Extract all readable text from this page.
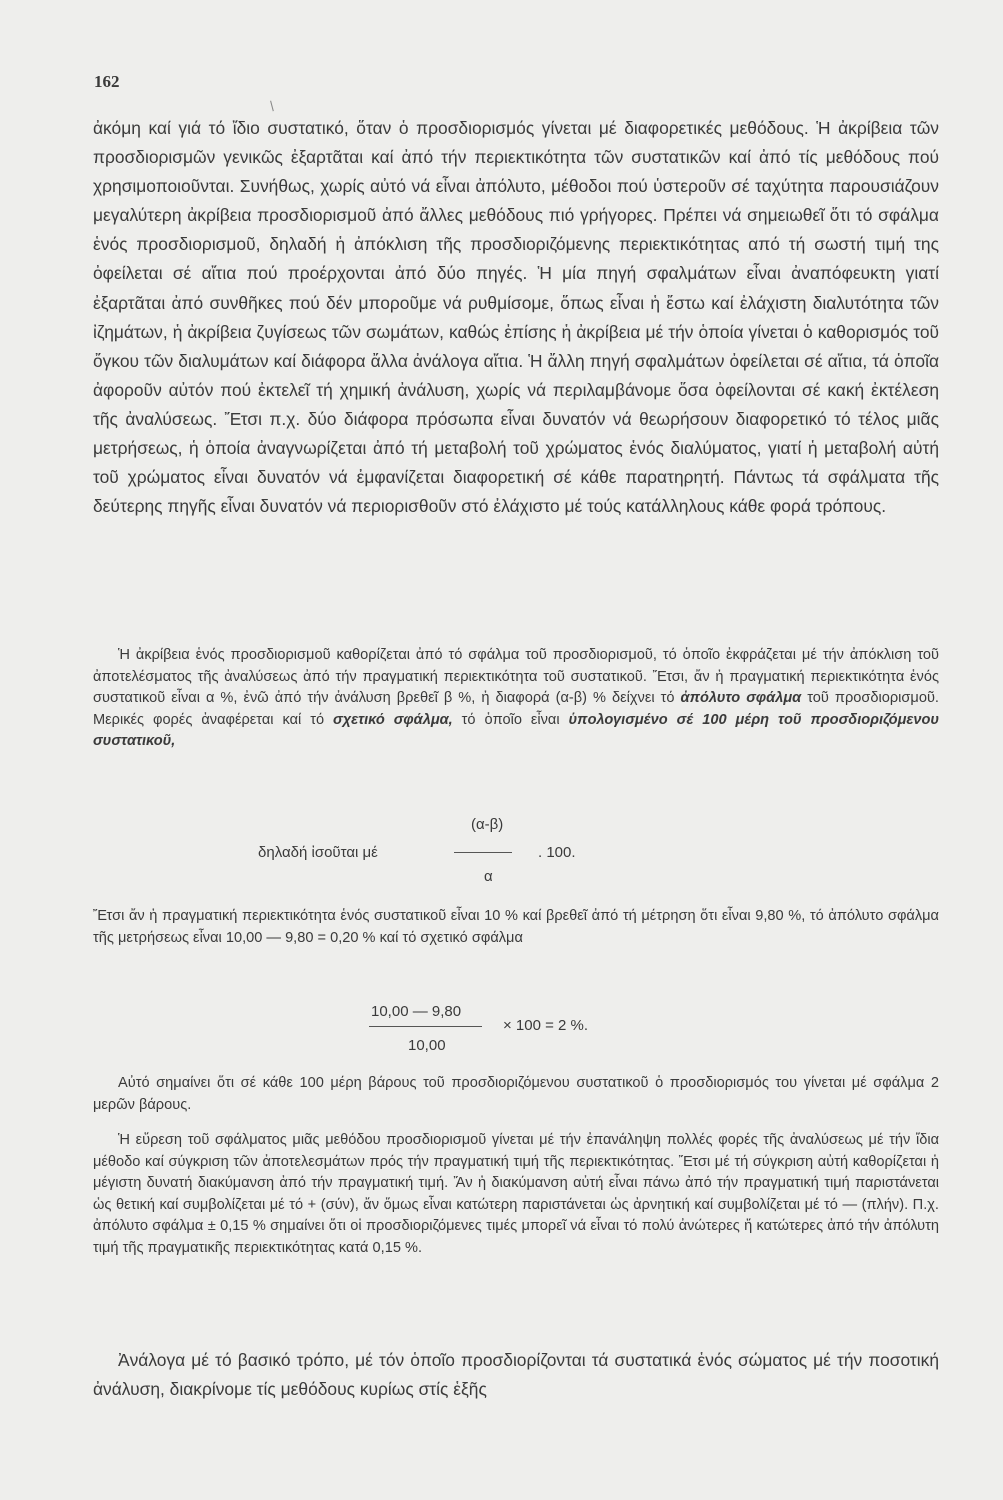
162
/

ἀκόμη καί γιά τό ἴδιο συστατικό, ὅταν ὁ προσδιορισμός γίνεται μέ διαφορετικές μεθόδους. Ἡ ἀκρίβεια τῶν προσδιορισμῶν γενικῶς ἐξαρτᾶται καί ἀπό τήν περιεκτικότητα τῶν συστατικῶν καί ἀπό τίς μεθόδους πού χρησιμοποιοῦνται. Συνήθως, χωρίς αὐτό νά εἶναι ἀπόλυτο, μέθοδοι πού ὑστεροῦν σέ ταχύτητα παρουσιάζουν μεγαλύτερη ἀκρίβεια προσδιορισμοῦ ἀπό ἄλλες μεθόδους πιό γρήγορες. Πρέπει νά σημειωθεῖ ὅτι τό σφάλμα ἑνός προσδιορισμοῦ, δηλαδή ἡ ἀπόκλιση τῆς προσδιοριζόμενης περιεκτικότητας από τή σωστή τιμή της ὀφείλεται σέ αἴτια πού προέρχονται ἀπό δύο πηγές. Ἡ μία πηγή σφαλμάτων εἶναι ἀναπόφευκτη γιατί ἐξαρτᾶται ἀπό συνθῆκες πού δέν μποροῦμε νά ρυθμίσομε, ὅπως εἶναι ἡ ἔστω καί ἐλάχιστη διαλυτότητα τῶν ἰζημάτων, ἡ ἀκρίβεια ζυγίσεως τῶν σωμάτων, καθώς ἐπίσης ἡ ἀκρίβεια μέ τήν ὁποία γίνεται ὁ καθορισμός τοῦ ὄγκου τῶν διαλυμάτων καί διάφορα ἄλλα ἀνάλογα αἴτια. Ἡ ἄλλη πηγή σφαλμάτων ὀφείλεται σέ αἴτια, τά ὁποῖα ἀφοροῦν αὐτόν πού ἐκτελεῖ τή χημική ἀνάλυση, χωρίς νά περιλαμβάνομε ὅσα ὀφείλονται σέ κακή ἐκτέλεση τῆς ἀναλύσεως. Ἔτσι π.χ. δύο διάφορα πρόσωπα εἶναι δυνατόν νά θεωρήσουν διαφορετικό τό τέλος μιᾶς μετρήσεως, ἡ ὁποία ἀναγνωρίζεται ἀπό τή μεταβολή τοῦ χρώματος ἑνός διαλύματος, γιατί ἡ μεταβολή αὐτή τοῦ χρώματος εἶναι δυνατόν νά ἐμφανίζεται διαφορετική σέ κάθε παρατηρητή. Πάντως τά σφάλματα τῆς δεύτερης πηγῆς εἶναι δυνατόν νά περιορισθοῦν στό ἐλάχιστο μέ τούς κατάλληλους κάθε φορά τρόπους.

Ἡ ἀκρίβεια ἑνός προσδιορισμοῦ καθορίζεται ἀπό τό σφάλμα τοῦ προσδιορισμοῦ, τό ὁποῖο ἐκφράζεται μέ τήν ἀπόκλιση τοῦ ἀποτελέσματος τῆς ἀναλύσεως ἀπό τήν πραγματική περιεκτικότητα τοῦ συστατικοῦ. Ἔτσι, ἄν ἡ πραγματική περιεκτικότητα ἑνός συστατικοῦ εἶναι α %, ἐνῶ ἀπό τήν ἀνάλυση βρεθεῖ β %, ἡ διαφορά (α-β) % δείχνει τό ἀπόλυτο σφάλμα τοῦ προσδιορισμοῦ. Μερικές φορές ἀναφέρεται καί τό σχετικό σφάλμα, τό ὁποῖο εἶναι ὑπολογισμένο σέ 100 μέρη τοῦ προσδιοριζόμενου συστατικοῦ,

(α-β)
δηλαδή ἰσοῦται μέ	. 100.
α

Ἔτσι ἄν ἡ πραγματική περιεκτικότητα ἑνός συστατικοῦ εἶναι 10 % καί βρεθεῖ ἀπό τή μέτρηση ὅτι εἶναι 9,80 %, τό ἀπόλυτο σφάλμα τῆς μετρήσεως εἶναι 10,00 — 9,80 = 0,20 % καί τό σχετικό σφάλμα

10,00 — 9,80
× 100 = 2 %.
10,00

Αὐτό σημαίνει ὅτι σέ κάθε 100 μέρη βάρους τοῦ προσδιοριζόμενου συστατικοῦ ὁ προσδιορισμός του γίνεται μέ σφάλμα 2 μερῶν βάρους.

Ἡ εὕρεση τοῦ σφάλματος μιᾶς μεθόδου προσδιορισμοῦ γίνεται μέ τήν ἐπανάληψη πολλές φορές τῆς ἀναλύσεως μέ τήν ἴδια μέθοδο καί σύγκριση τῶν ἀποτελεσμάτων πρός τήν πραγματική τιμή τῆς περιεκτικότητας. Ἔτσι μέ τή σύγκριση αὐτή καθορίζεται ἡ μέγιστη δυνατή διακύμανση ἀπό τήν πραγματική τιμή. Ἄν ἡ διακύμανση αὐτή εἶναι πάνω ἀπό τήν πραγματική τιμή παριστάνεται ὡς θετική καί συμβολίζεται μέ τό + (σύν), ἄν ὅμως εἶναι κατώτερη παριστάνεται ὡς ἀρνητική καί συμβολίζεται μέ τό — (πλήν). Π.χ. ἀπόλυτο σφάλμα ± 0,15 % σημαίνει ὅτι οἱ προσδιοριζόμενες τιμές μπορεῖ νά εἶναι τό πολύ ἀνώτερες ἤ κατώτερες ἀπό τήν ἀπόλυτη τιμή τῆς πραγματικῆς περιεκτικότητας κατά 0,15 %.

Ἀνάλογα μέ τό βασικό τρόπο, μέ τόν ὁποῖο προσδιορίζονται τά συστατικά ἑνός σώματος μέ τήν ποσοτική ἀνάλυση, διακρίνομε τίς μεθόδους κυρίως στίς ἑξῆς
